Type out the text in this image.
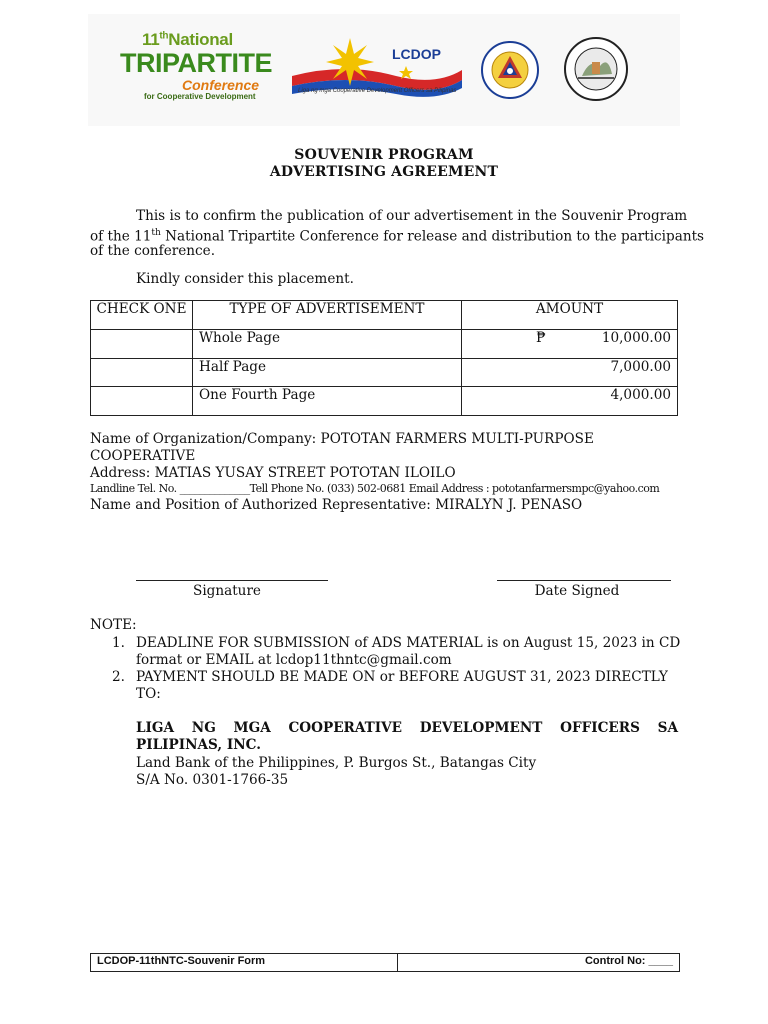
11thNational
TRIPARTITE
Conference
for Cooperative Development
LCDOP
Liga ng mga Cooperative Development Officers sa Pilipinas
SOUVENIR PROGRAM
ADVERTISING AGREEMENT
This is to confirm the publication of our advertisement in the Souvenir Program
of the 11th National Tripartite Conference for release and distribution to the participants
of the conference.
Kindly consider this placement.
CHECK ONE	TYPE OF ADVERTISEMENT	AMOUNT
	Whole Page	₱ 10,000.00
	Half Page	7,000.00
	One Fourth Page	4,000.00
Name of Organization/Company: POTOTAN FARMERS MULTI-PURPOSE
COOPERATIVE
Address: MATIAS YUSAY STREET POTOTAN ILOILO
Landline Tel. No. ______________Tell Phone No. (033) 502-0681 Email Address : pototanfarmersmpc@yahoo.com
Name and Position of Authorized Representative: MIRALYN J. PENASO
Signature	Date Signed
NOTE:
1. DEADLINE FOR SUBMISSION of ADS MATERIAL is on August 15, 2023 in CD
format or EMAIL at lcdop11thntc@gmail.com
2. PAYMENT SHOULD BE MADE ON or BEFORE AUGUST 31, 2023 DIRECTLY
TO:
LIGA NG MGA COOPERATIVE DEVELOPMENT OFFICERS SA
PILIPINAS, INC.
Land Bank of the Philippines, P. Burgos St., Batangas City
S/A No. 0301-1766-35
LCDOP-11thNTC-Souvenir Form	Control No: ____
